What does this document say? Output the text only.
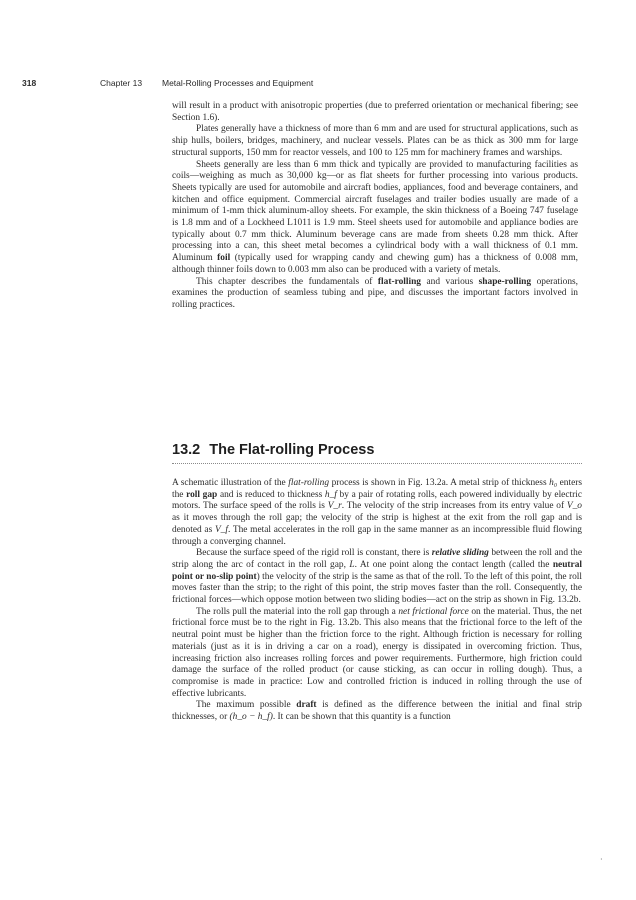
318	Chapter 13 Metal-Rolling Processes and Equipment

will result in a product with anisotropic properties (due to preferred orientation or mechanical fibering; see Section 1.6).

Plates generally have a thickness of more than 6 mm and are used for structural applications, such as ship hulls, boilers, bridges, machinery, and nuclear vessels. Plates can be as thick as 300 mm for large structural supports, 150 mm for reactor vessels, and 100 to 125 mm for machinery frames and warships.

Sheets generally are less than 6 mm thick and typically are provided to manufacturing facilities as coils—weighing as much as 30,000 kg—or as flat sheets for further processing into various products. Sheets typically are used for automobile and aircraft bodies, appliances, food and beverage containers, and kitchen and office equipment. Commercial aircraft fuselages and trailer bodies usually are made of a minimum of 1-mm thick aluminum-alloy sheets. For example, the skin thickness of a Boeing 747 fuselage is 1.8 mm and of a Lockheed L1011 is 1.9 mm. Steel sheets used for automobile and appliance bodies are typically about 0.7 mm thick. Aluminum beverage cans are made from sheets 0.28 mm thick. After processing into a can, this sheet metal becomes a cylindrical body with a wall thickness of 0.1 mm. Aluminum foil (typically used for wrapping candy and chewing gum) has a thickness of 0.008 mm, although thinner foils down to 0.003 mm also can be produced with a variety of metals.

This chapter describes the fundamentals of flat-rolling and various shape-rolling operations, examines the production of seamless tubing and pipe, and discusses the important factors involved in rolling practices.

13.2 The Flat-rolling Process

A schematic illustration of the flat-rolling process is shown in Fig. 13.2a. A metal strip of thickness h₀ enters the roll gap and is reduced to thickness h_f by a pair of rotating rolls, each powered individually by electric motors. The surface speed of the rolls is V_r. The velocity of the strip increases from its entry value of V_o as it moves through the roll gap; the velocity of the strip is highest at the exit from the roll gap and is denoted as V_f. The metal accelerates in the roll gap in the same manner as an incompressible fluid flowing through a converging channel.

Because the surface speed of the rigid roll is constant, there is relative sliding between the roll and the strip along the arc of contact in the roll gap, L. At one point along the contact length (called the neutral point or no-slip point) the velocity of the strip is the same as that of the roll. To the left of this point, the roll moves faster than the strip; to the right of this point, the strip moves faster than the roll. Consequently, the frictional forces—which oppose motion between two sliding bodies—act on the strip as shown in Fig. 13.2b.

The rolls pull the material into the roll gap through a net frictional force on the material. Thus, the net frictional force must be to the right in Fig. 13.2b. This also means that the frictional force to the left of the neutral point must be higher than the friction force to the right. Although friction is necessary for rolling materials (just as it is in driving a car on a road), energy is dissipated in overcoming friction. Thus, increasing friction also increases rolling forces and power requirements. Furthermore, high friction could damage the surface of the rolled product (or cause sticking, as can occur in rolling dough). Thus, a compromise is made in practice: Low and controlled friction is induced in rolling through the use of effective lubricants.

The maximum possible draft is defined as the difference between the initial and final strip thicknesses, or (h_o − h_f). It can be shown that this quantity is a function

·
